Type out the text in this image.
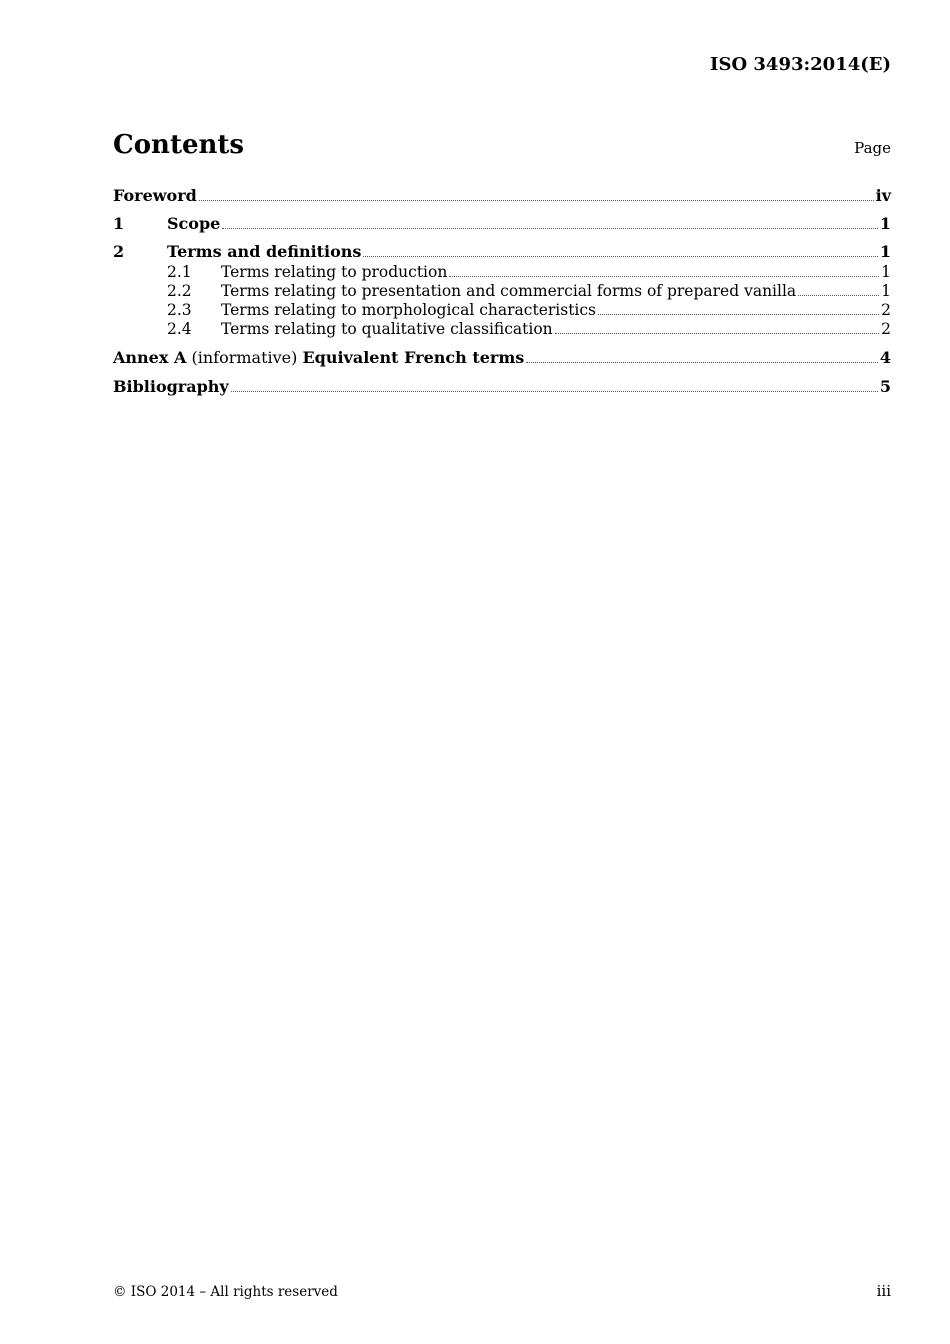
ISO 3493:2014(E)
Contents	Page
Foreword	iv
1	Scope	1
2	Terms and definitions	1
2.1	Terms relating to production	1
2.2	Terms relating to presentation and commercial forms of prepared vanilla	1
2.3	Terms relating to morphological characteristics	2
2.4	Terms relating to qualitative classification	2
Annex A (informative) Equivalent French terms	4
Bibliography	5
© ISO 2014 – All rights reserved	iii
